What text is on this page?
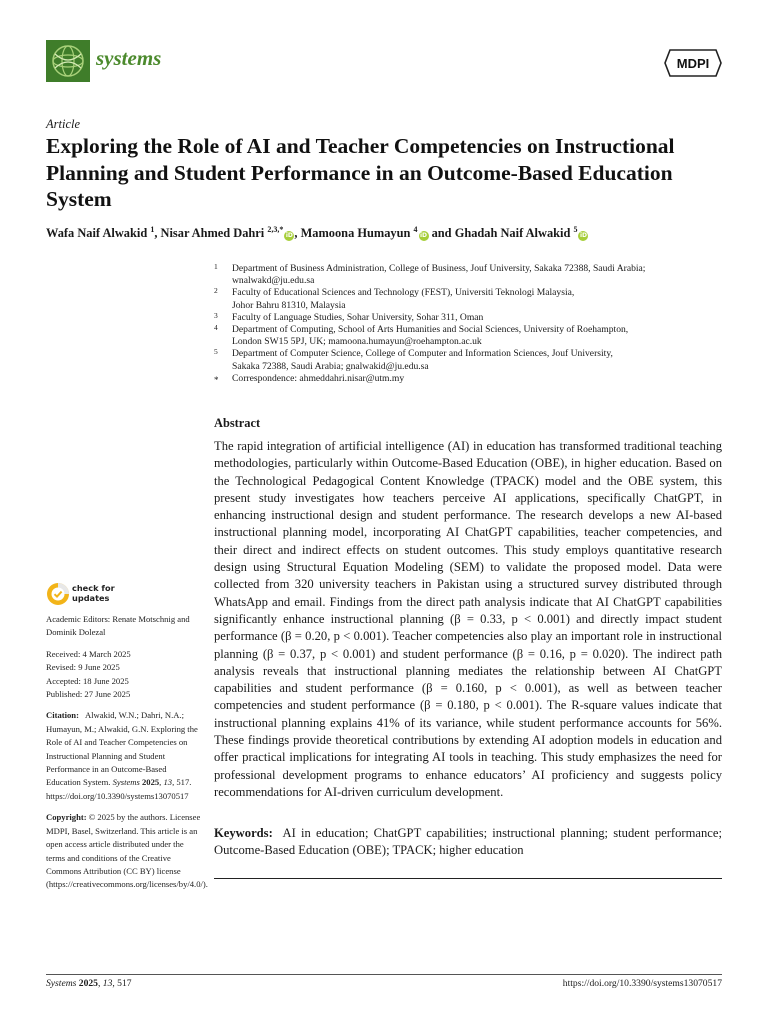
systems	MDPI
Article
Exploring the Role of AI and Teacher Competencies on Instructional Planning and Student Performance in an Outcome-Based Education System
Wafa Naif Alwakid $^1$, Nisar Ahmed Dahri $^{2,3,*}$iD, Mamoona Humayun $^4$iD and Ghadah Naif Alwakid $^5$iD
1 Department of Business Administration, College of Business, Jouf University, Sakaka 72388, Saudi Arabia;
wnalwakd@ju.edu.sa
2 Faculty of Educational Sciences and Technology (FEST), Universiti Teknologi Malaysia,
Johor Bahru 81310, Malaysia
3 Faculty of Language Studies, Sohar University, Sohar 311, Oman
4 Department of Computing, School of Arts Humanities and Social Sciences, University of Roehampton,
London SW15 5PJ, UK; mamoona.humayun@roehampton.ac.uk
5 Department of Computer Science, College of Computer and Information Sciences, Jouf University,
Sakaka 72388, Saudi Arabia; gnalwakid@ju.edu.sa
* Correspondence: ahmeddahri.nisar@utm.my
Abstract

The rapid integration of artificial intelligence (AI) in education has transformed traditional teaching methodologies, particularly within Outcome-Based Education (OBE), in higher education. Based on the Technological Pedagogical Content Knowledge (TPACK) model and the OBE system, this present study investigates how teachers perceive AI applications, specifically ChatGPT, in enhancing instructional design and student performance. The research develops a new AI-based instructional planning model, incorporating AI ChatGPT capabilities, teacher competencies, and their direct and indirect effects on student outcomes. This study employs quantitative research design using Structural Equation Modeling (SEM) to validate the proposed model. Data were collected from 320 university teachers in Pakistan using a structured survey distributed through WhatsApp and email. Findings from the direct path analysis indicate that AI ChatGPT capabilities significantly enhance instructional planning (β = 0.33, p < 0.001) and directly impact student performance (β = 0.20, p < 0.001). Teacher competencies also play an important role in instructional planning (β = 0.37, p < 0.001) and student performance (β = 0.16, p = 0.020). The indirect path analysis reveals that instructional planning mediates the relationship between AI ChatGPT capabilities and student performance (β = 0.160, p < 0.001), as well as between teacher competencies and student performance (β = 0.180, p < 0.001). The R-square values indicate that instructional planning explains 41% of its variance, while student performance accounts for 56%. These findings provide theoretical contributions by extending AI adoption models in education and offer practical implications for integrating AI tools in teaching. This study emphasizes the need for professional development programs to enhance educators’ AI proficiency and suggests policy recommendations for AI-driven curriculum development.

Keywords: AI in education; ChatGPT capabilities; instructional planning; student performance; Outcome-Based Education (OBE); TPACK; higher education

check for
updates

Academic Editors: Renate Motschnig and Dominik Dolezal

Received: 4 March 2025

Revised: 9 June 2025

Accepted: 18 June 2025

Published: 27 June 2025

Citation: Alwakid, W.N.; Dahri, N.A.; Humayun, M.; Alwakid, G.N. Exploring the Role of AI and Teacher Competencies on Instructional Planning and Student Performance in an Outcome-Based Education System. Systems 2025, 13, 517. https://doi.org/10.3390/systems13070517

Copyright: © 2025 by the authors. Licensee MDPI, Basel, Switzerland. This article is an open access article distributed under the terms and conditions of the Creative Commons Attribution (CC BY) license (https://creativecommons.org/licenses/by/4.0/).

Systems 2025, 13, 517	https://doi.org/10.3390/systems13070517
